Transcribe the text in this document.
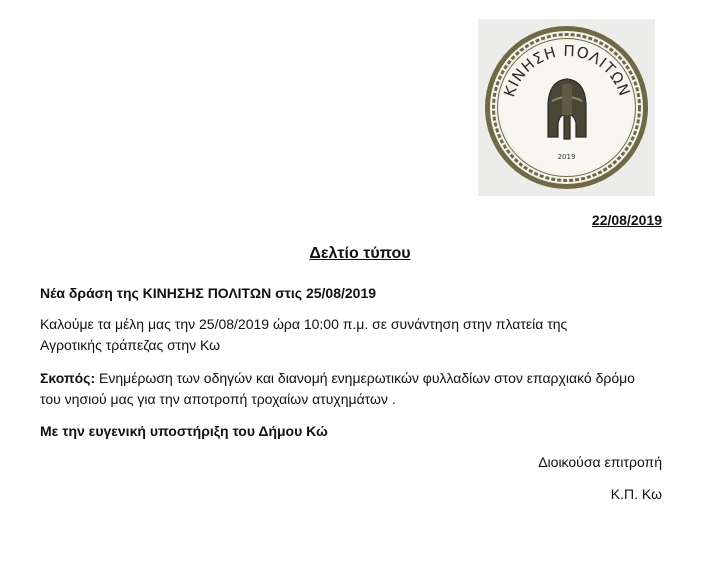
ΚΙΝΗΣΗ ΠΟΛΙΤΩΝ
2019
22/08/2019
Δελτίο τύπου
Νέα δράση της ΚΙΝΗΣΗΣ ΠΟΛΙΤΩΝ στις 25/08/2019
Καλούμε τα μέλη μας την 25/08/2019 ώρα 10:00 π.μ. σε συνάντηση στην πλατεία της
Αγροτικής τράπεζας στην Κω
Σκοπός: Ενημέρωση των οδηγών και διανομή ενημερωτικών φυλλαδίων στον επαρχιακό δρόμο
του νησιού μας για την αποτροπή τροχαίων ατυχημάτων .
Με την ευγενική υποστήριξη του Δήμου Κώ
Διοικούσα επιτροπή
Κ.Π. Κω
